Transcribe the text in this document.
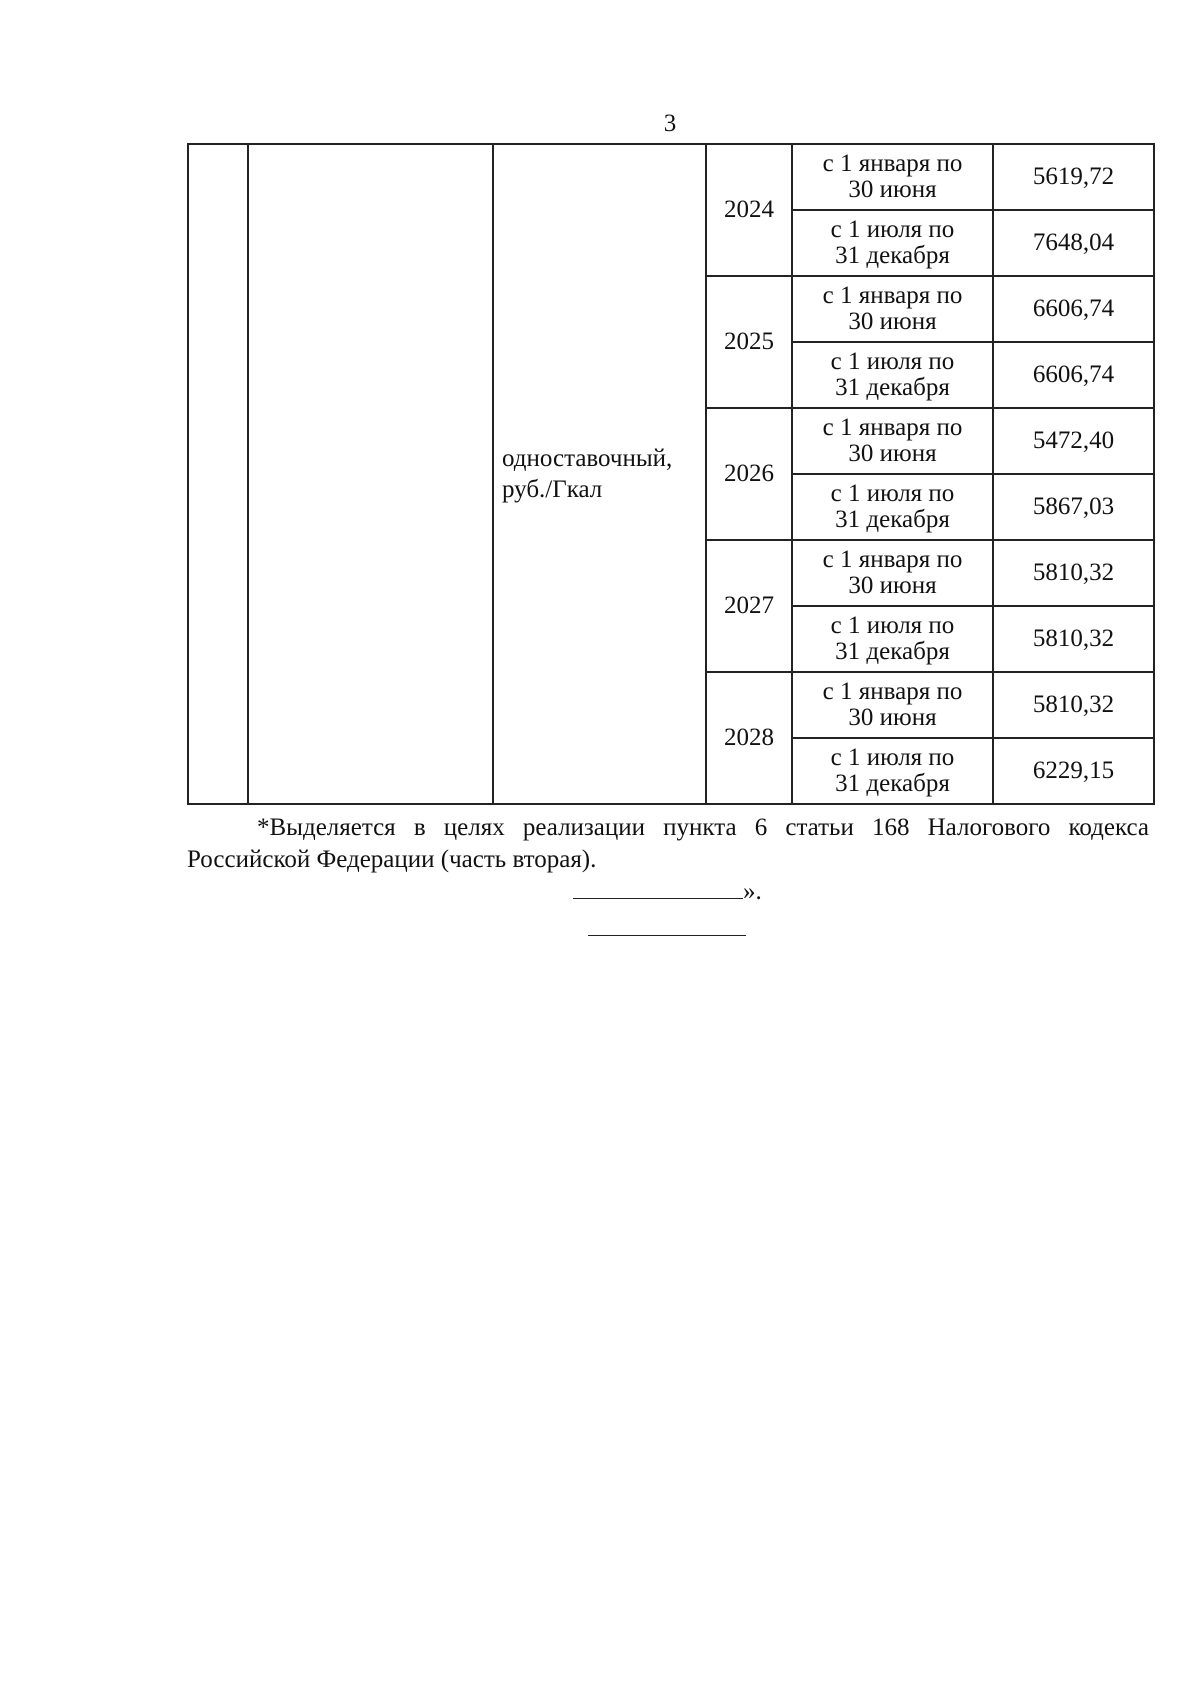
3
		одноставочный, руб./Гкал	2024	с 1 января по
30 июня	5619,72

				с 1 июля по
31 декабря	7648,04
			2025	с 1 января по
30 июня	6606,74

				с 1 июля по
31 декабря	6606,74
			2026	с 1 января по
30 июня	5472,40

				с 1 июля по
31 декабря	5867,03
			2027	с 1 января по
30 июня	5810,32

				с 1 июля по
31 декабря	5810,32
			2028	с 1 января по
30 июня	5810,32

				с 1 июля по
31 декабря	6229,15

*Выделяется в целях реализации пункта 6 статьи 168 Налогового кодекса Российской Федерации (часть вторая).

».
